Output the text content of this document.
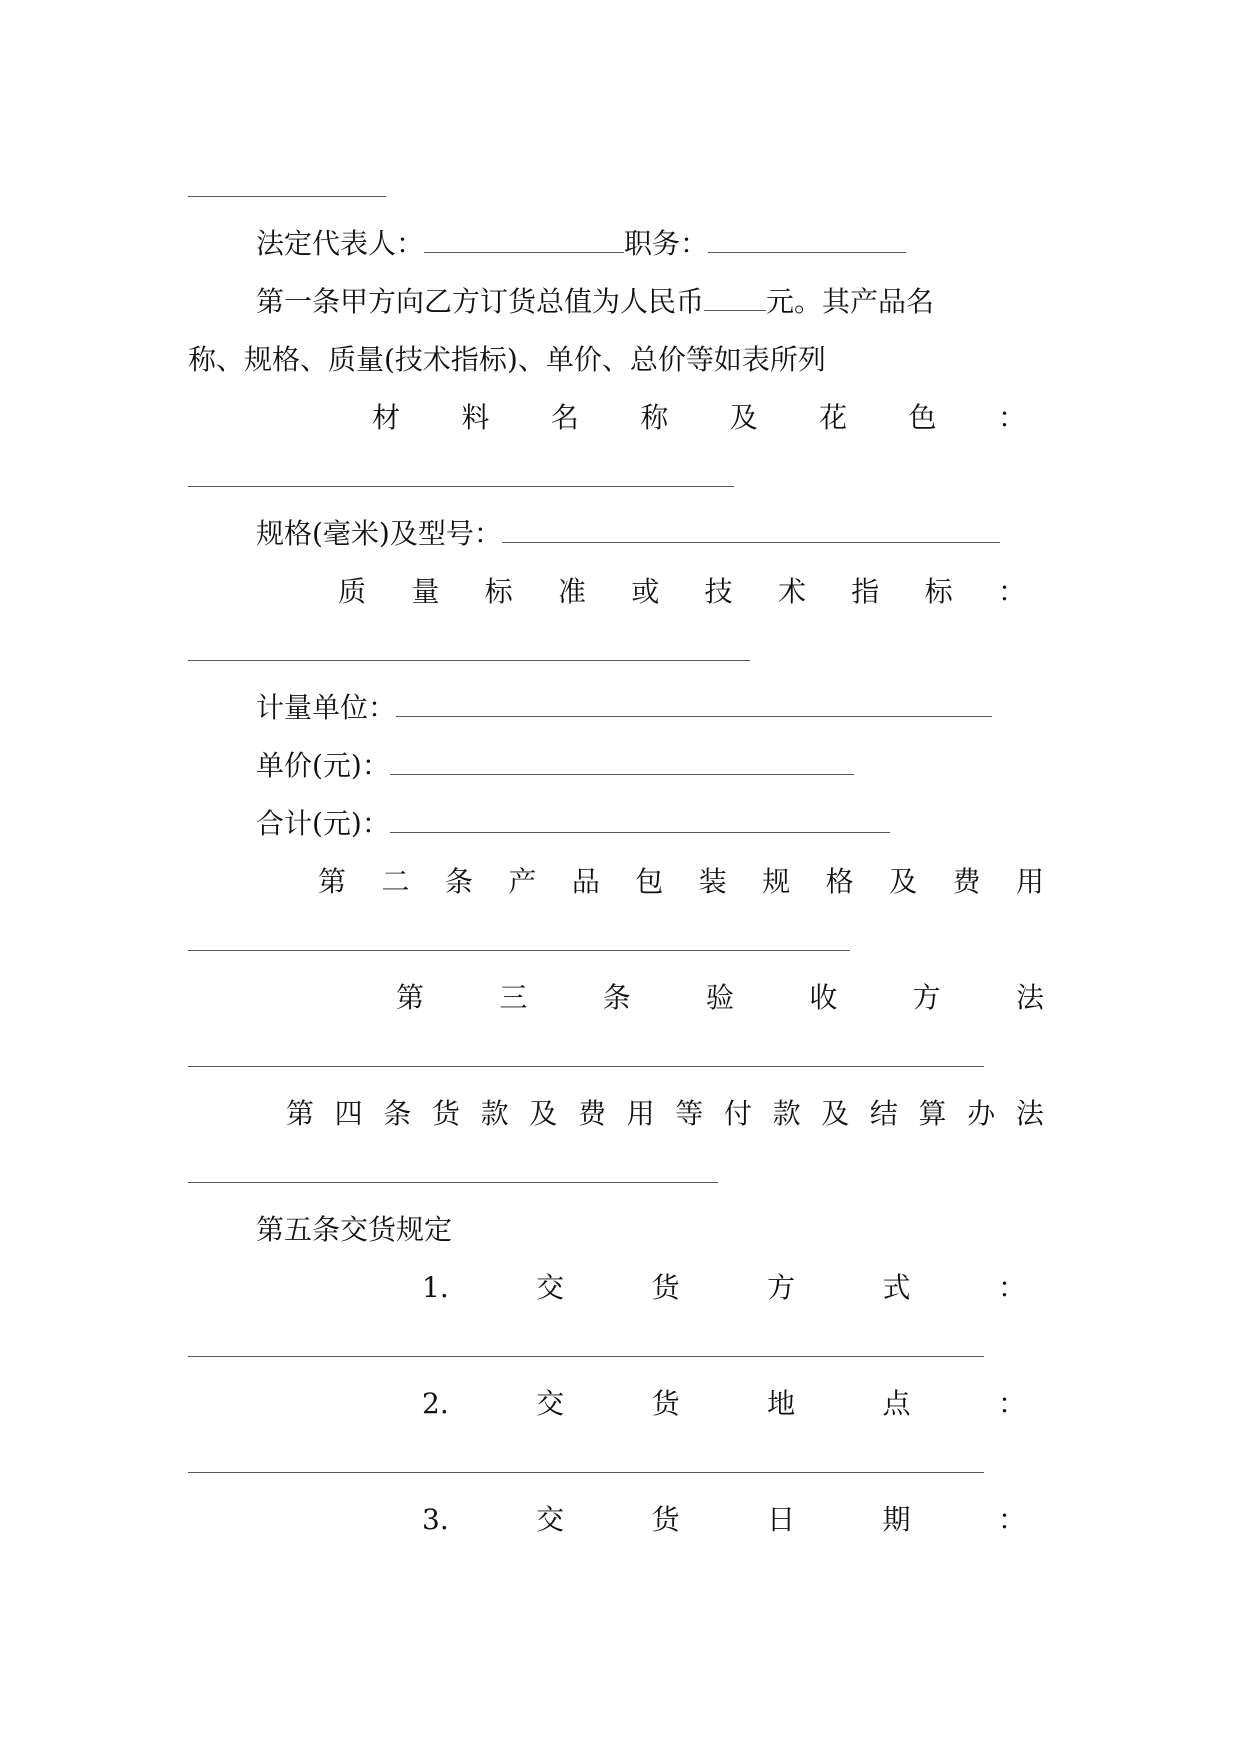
法定代表人：	职务：
第一条甲方向乙方订货总值为人民币 元。其产品名
称、规格、质量(技术指标)、单价、总价等如表所列
材 料 名 称 及 花 色 ：
规格(毫米)及型号：
质 量 标 准 或 技 术 指 标 ：
计量单位：
单价(元)：
合计(元)：
第 二 条 产 品 包 装 规 格 及 费 用
第	三	条	验	收	方	法
第 四 条 货 款 及 费 用 等 付 款 及 结 算 办 法
第五条交货规定
1.	交	货	方	式	：
2.	交	货	地	点	：
3.	交	货	日	期	：
